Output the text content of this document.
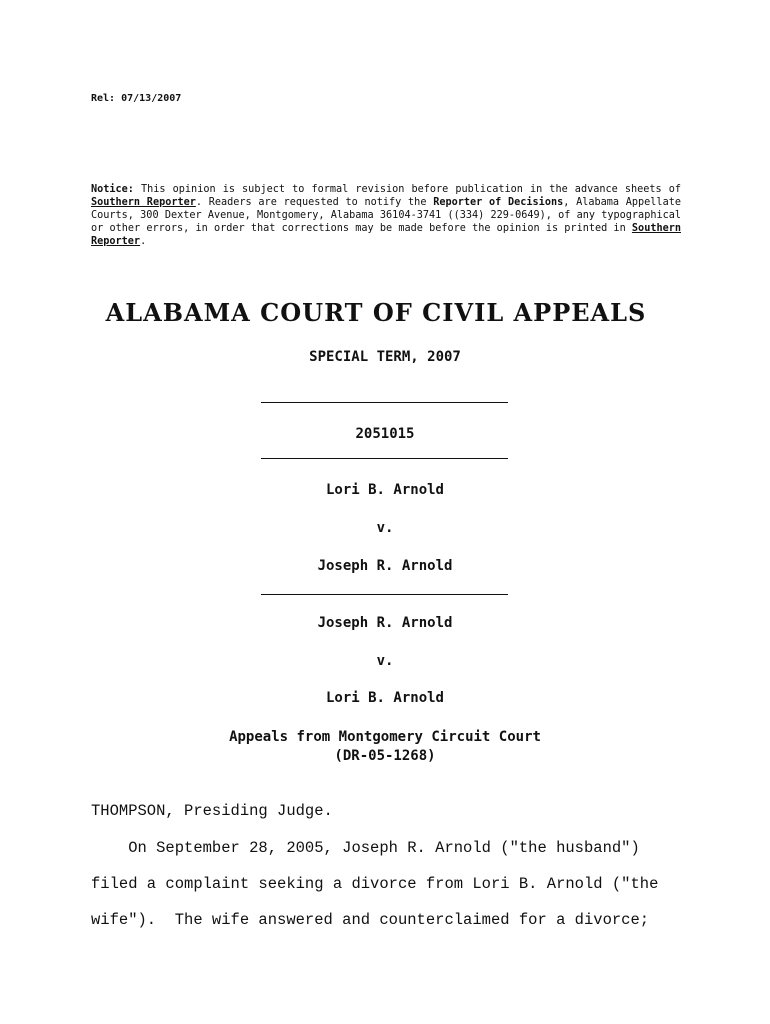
Rel: 07/13/2007
Notice: This opinion is subject to formal revision before publication in the advance sheets of Southern Reporter. Readers are requested to notify the Reporter of Decisions, Alabama Appellate Courts, 300 Dexter Avenue, Montgomery, Alabama 36104-3741 ((334) 229-0649), of any typographical or other errors, in order that corrections may be made before the opinion is printed in Southern Reporter.
ALABAMA COURT OF CIVIL APPEALS
SPECIAL TERM, 2007
2051015
Lori B. Arnold
v.
Joseph R. Arnold
Joseph R. Arnold
v.
Lori B. Arnold
Appeals from Montgomery Circuit Court
(DR-05-1268)
THOMPSON, Presiding Judge.
On September 28, 2005, Joseph R. Arnold ("the husband")
filed a complaint seeking a divorce from Lori B. Arnold ("the
wife").  The wife answered and counterclaimed for a divorce;
